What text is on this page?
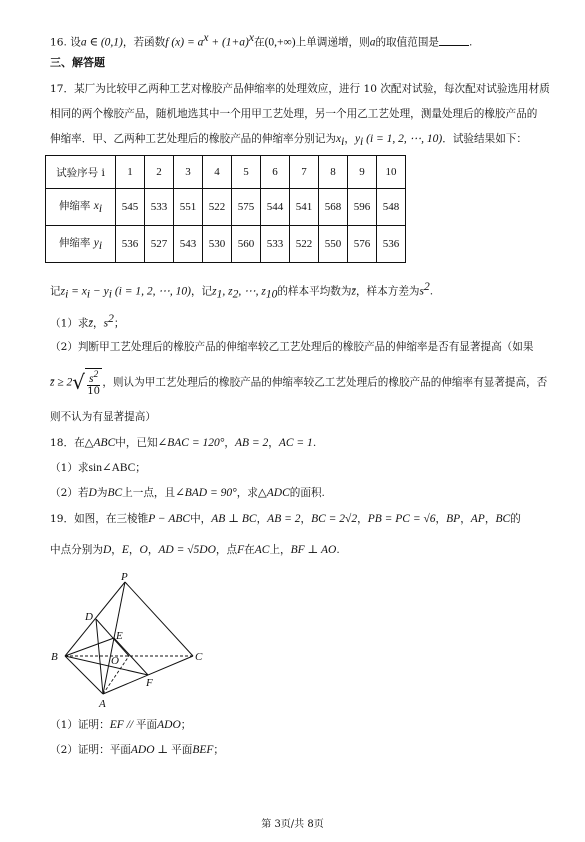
16. 设a ∈ (0,1)，若函数f $(x) = a^x + (1+a)^x$在(0,+∞)上单调递增，则a的取值范围是	.
三、解答题
17．某厂为比较甲乙两种工艺对橡胶产品伸缩率的处理效应，进行 10 次配对试验，每次配对试验选用材质
相同的两个橡胶产品，随机地选其中一个用甲工艺处理，另一个用乙工艺处理，测量处理后的橡胶产品的
伸缩率．甲、乙两种工艺处理后的橡胶产品的伸缩率分别记为$x_i$，$y_i$ (i = 1, 2, ⋯, 10)．试验结果如下：
试验序号 i	1	2	3	4	5	6	7	8	9	10
伸缩率 $x_i$	545	533	551	522	575	544	541	568	596	548
伸缩率 $y_i$	536	527	543	530	560	533	522	550	576	536
记$z_i = x_i - y_i$ (i = 1, 2, ⋯, 10)，记$z_1$, $z_2$, ⋯, $z_{10}$的样本平均数为z̄，样本方差为$s^2$.
（1）求z̄，$s^2$；
（2）判断甲工艺处理后的橡胶产品的伸缩率较乙工艺处理后的橡胶产品的伸缩率是否有显著提高（如果
z̄ ≥ 2 √ $\frac{s^2}{10}$ ，则认为甲工艺处理后的橡胶产品的伸缩率较乙工艺处理后的橡胶产品的伸缩率有显著提高，否
则不认为有显著提高）
18．在△ABC中，已知∠BAC = 120°，AB = 2，AC = 1.
（1）求sin∠ABC；
（2）若D为BC上一点，且∠BAD = 90°，求△ADC的面积.
19．如图，在三棱锥P − ABC中，AB ⊥ BC，AB = 2，BC = 2√2，PB = PC = √6，BP，AP，BC的
中点分别为D，E，O，AD = √5DO，点F在AC上，BF ⊥ AO.
P
D
E
B	O	C
F
A
（1）证明：EF // 平面ADO；
（2）证明：平面ADO ⊥ 平面BEF；
第 3页/共 8页
